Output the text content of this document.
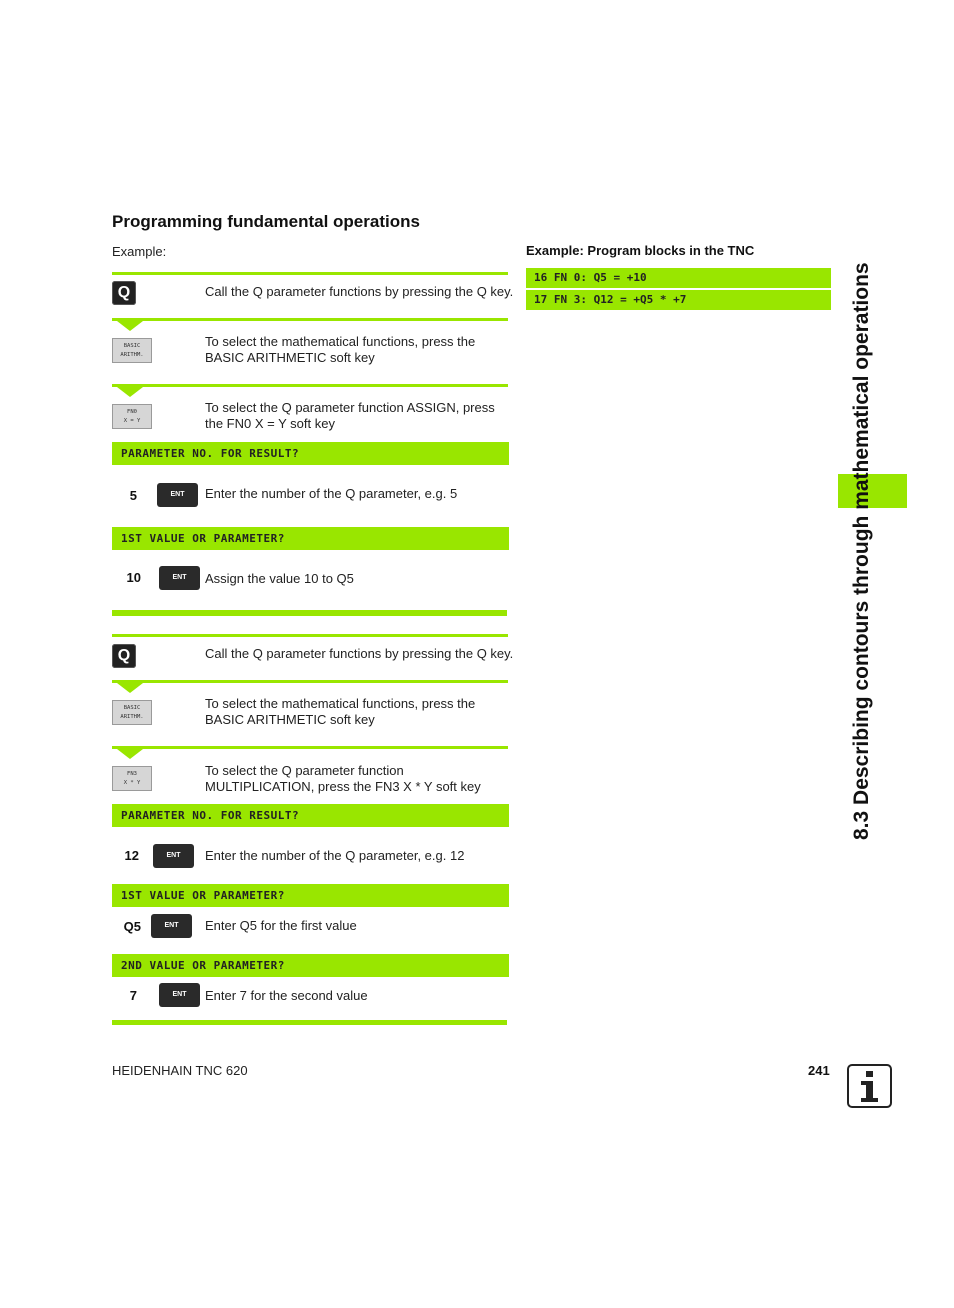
Programming fundamental operations
Example:
Q	Call the Q parameter functions by pressing the Q key.
BASIC
ARITHM.
To select the mathematical functions, press the
BASIC ARITHMETIC soft key
FN0
X = Y
To select the Q parameter function ASSIGN, press
the FN0 X = Y soft key
PARAMETER NO. FOR RESULT?
5	ENT	Enter the number of the Q parameter, e.g. 5
1ST VALUE OR PARAMETER?
10	ENT	Assign the value 10 to Q5
Q	Call the Q parameter functions by pressing the Q key.
BASIC
ARITHM.
To select the mathematical functions, press the
BASIC ARITHMETIC soft key
FN3
X * Y
To select the Q parameter function
MULTIPLICATION, press the FN3 X * Y soft key
PARAMETER NO. FOR RESULT?
12	ENT	Enter the number of the Q parameter, e.g. 12
1ST VALUE OR PARAMETER?
Q5	ENT	Enter Q5 for the first value
2ND VALUE OR PARAMETER?
7	ENT	Enter 7 for the second value
Example: Program blocks in the TNC
16 FN 0: Q5 = +10
17 FN 3: Q12 = +Q5 * +7	8.3 Describing contours through mathematical operations
HEIDENHAIN TNC 620	241
